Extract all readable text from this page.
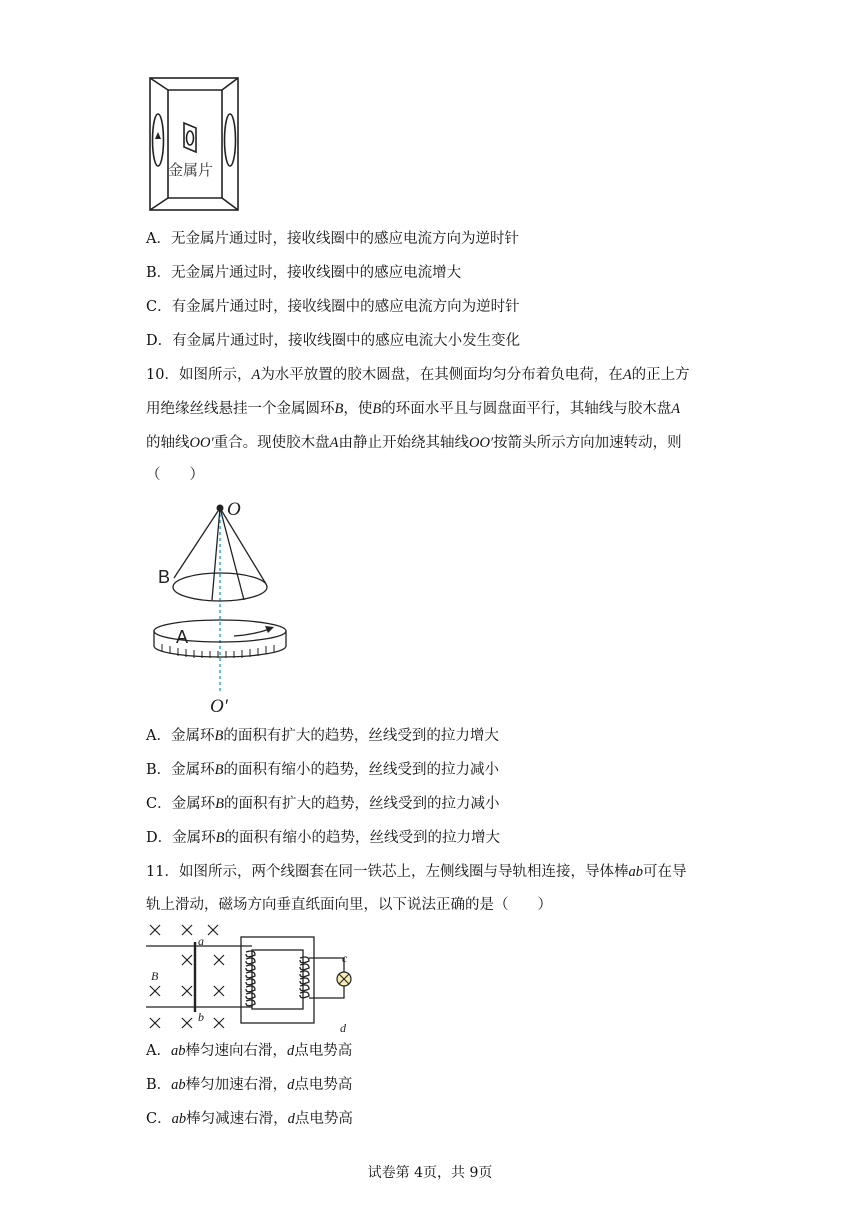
金属片
A．无金属片通过时，接收线圈中的感应电流方向为逆时针
B．无金属片通过时，接收线圈中的感应电流增大
C．有金属片通过时，接收线圈中的感应电流方向为逆时针
D．有金属片通过时，接收线圈中的感应电流大小发生变化
10．如图所示，A为水平放置的胶木圆盘，在其侧面均匀分布着负电荷，在A的正上方
用绝缘丝线悬挂一个金属圆环B，使B的环面水平且与圆盘面平行，其轴线与胶木盘A
的轴线OO′重合。现使胶木盘A由静止开始绕其轴线OO′按箭头所示方向加速转动，则
（　　）
O
B
A
O′
A．金属环B的面积有扩大的趋势，丝线受到的拉力增大
B．金属环B的面积有缩小的趋势，丝线受到的拉力减小
C．金属环B的面积有扩大的趋势，丝线受到的拉力减小
D．金属环B的面积有缩小的趋势，丝线受到的拉力增大
11．如图所示，两个线圈套在同一铁芯上，左侧线圈与导轨相连接，导体棒ab可在导
轨上滑动，磁场方向垂直纸面向里，以下说法正确的是（　　）
a
b
B
c
d
A．ab棒匀速向右滑，d点电势高
B．ab棒匀加速右滑，d点电势高
C．ab棒匀减速右滑，d点电势高
试卷第 4页，共 9页
